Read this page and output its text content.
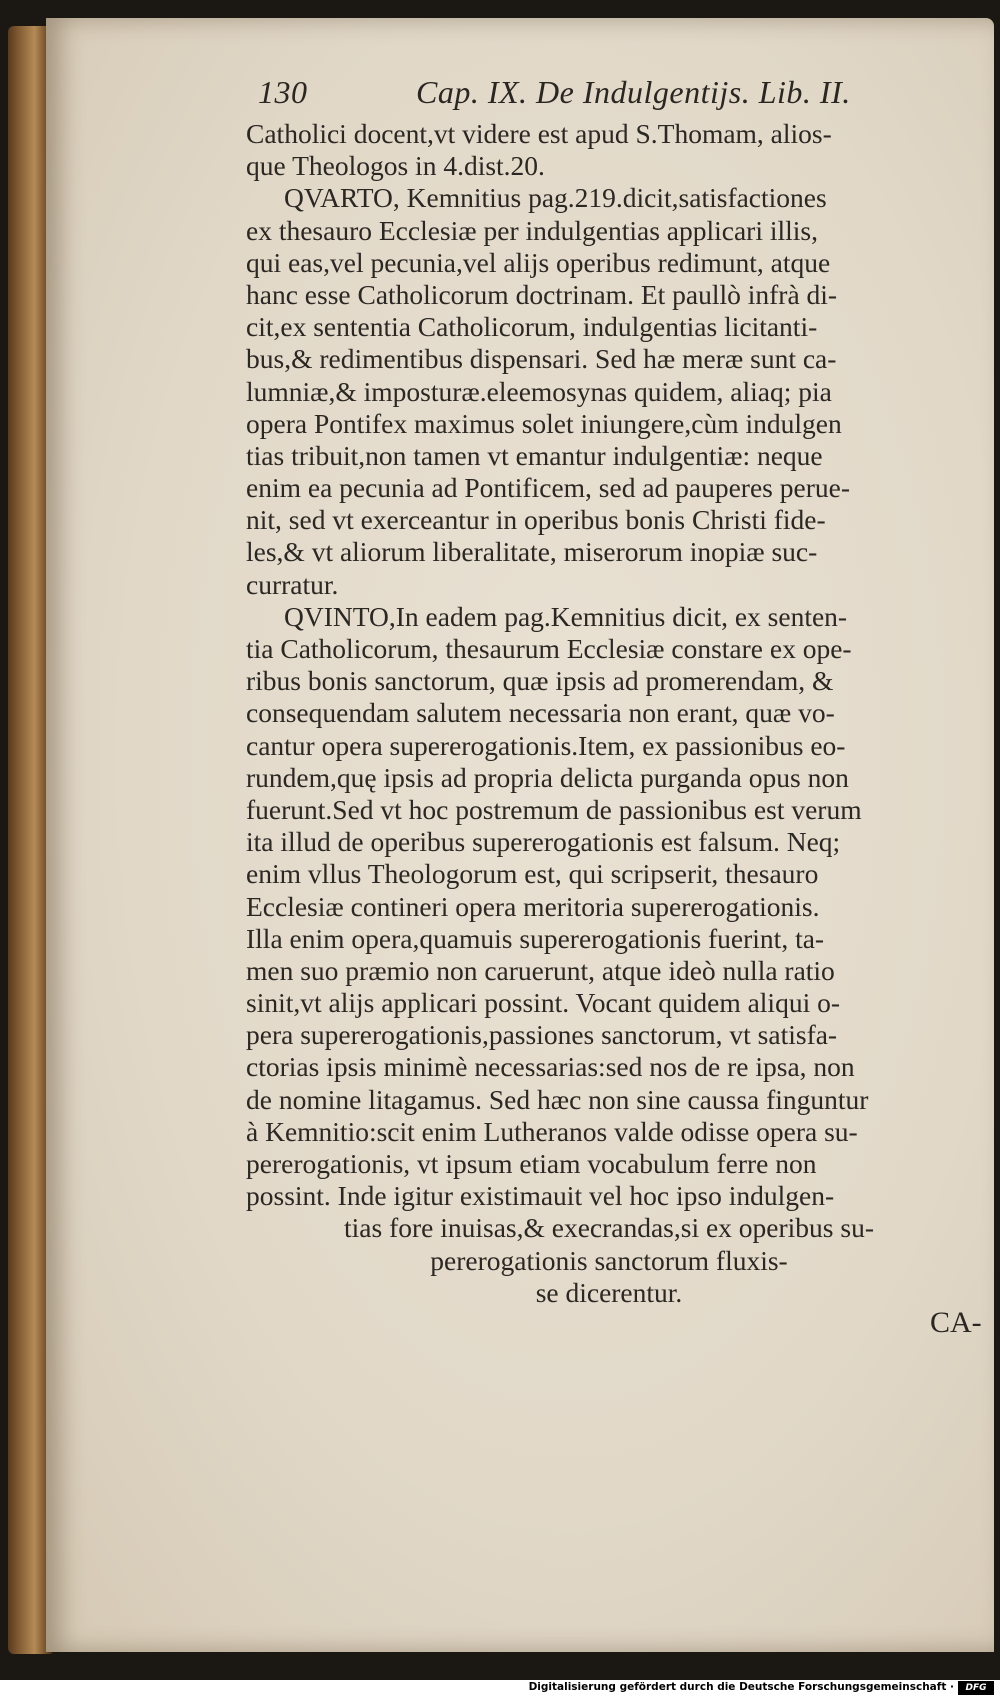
130	Cap. IX. De Indulgentijs. Lib. II.
Catholici docent,vt videre est apud S.Thomam, alios-
que Theologos in 4.dist.20.
QVARTO, Kemnitius pag.219.dicit,satisfactiones
ex thesauro Ecclesiæ per indulgentias applicari illis,
qui eas,vel pecunia,vel alijs operibus redimunt, atque
hanc esse Catholicorum doctrinam. Et paullò infrà di-
cit,ex sententia Catholicorum, indulgentias licitanti-
bus,& redimentibus dispensari. Sed hæ meræ sunt ca-
lumniæ,& imposturæ.eleemosynas quidem, aliaq; pia
opera Pontifex maximus solet iniungere,cùm indulgen
tias tribuit,non tamen vt emantur indulgentiæ: neque
enim ea pecunia ad Pontificem, sed ad pauperes perue-
nit, sed vt exerceantur in operibus bonis Christi fide-
les,& vt aliorum liberalitate, miserorum inopiæ suc-
curratur.
QVINTO,In eadem pag.Kemnitius dicit, ex senten-
tia Catholicorum, thesaurum Ecclesiæ constare ex ope-
ribus bonis sanctorum, quæ ipsis ad promerendam, &
consequendam salutem necessaria non erant, quæ vo-
cantur opera supererogationis.Item, ex passionibus eo-
rundem,quę ipsis ad propria delicta purganda opus non
fuerunt.Sed vt hoc postremum de passionibus est verum
ita illud de operibus supererogationis est falsum. Neq;
enim vllus Theologorum est, qui scripserit, thesauro
Ecclesiæ contineri opera meritoria supererogationis.
Illa enim opera,quamuis supererogationis fuerint, ta-
men suo præmio non caruerunt, atque ideò nulla ratio
sinit,vt alijs applicari possint. Vocant quidem aliqui o-
pera supererogationis,passiones sanctorum, vt satisfa-
ctorias ipsis minimè necessarias:sed nos de re ipsa, non
de nomine litagamus. Sed hæc non sine caussa finguntur
à Kemnitio:scit enim Lutheranos valde odisse opera su-
pererogationis, vt ipsum etiam vocabulum ferre non
possint. Inde igitur existimauit vel hoc ipso indulgen-
tias fore inuisas,& execrandas,si ex operibus su-
pererogationis sanctorum fluxis-
se dicerentur.
CA-
Digitalisierung gefördert durch die Deutsche Forschungsgemeinschaft ·	DFG
